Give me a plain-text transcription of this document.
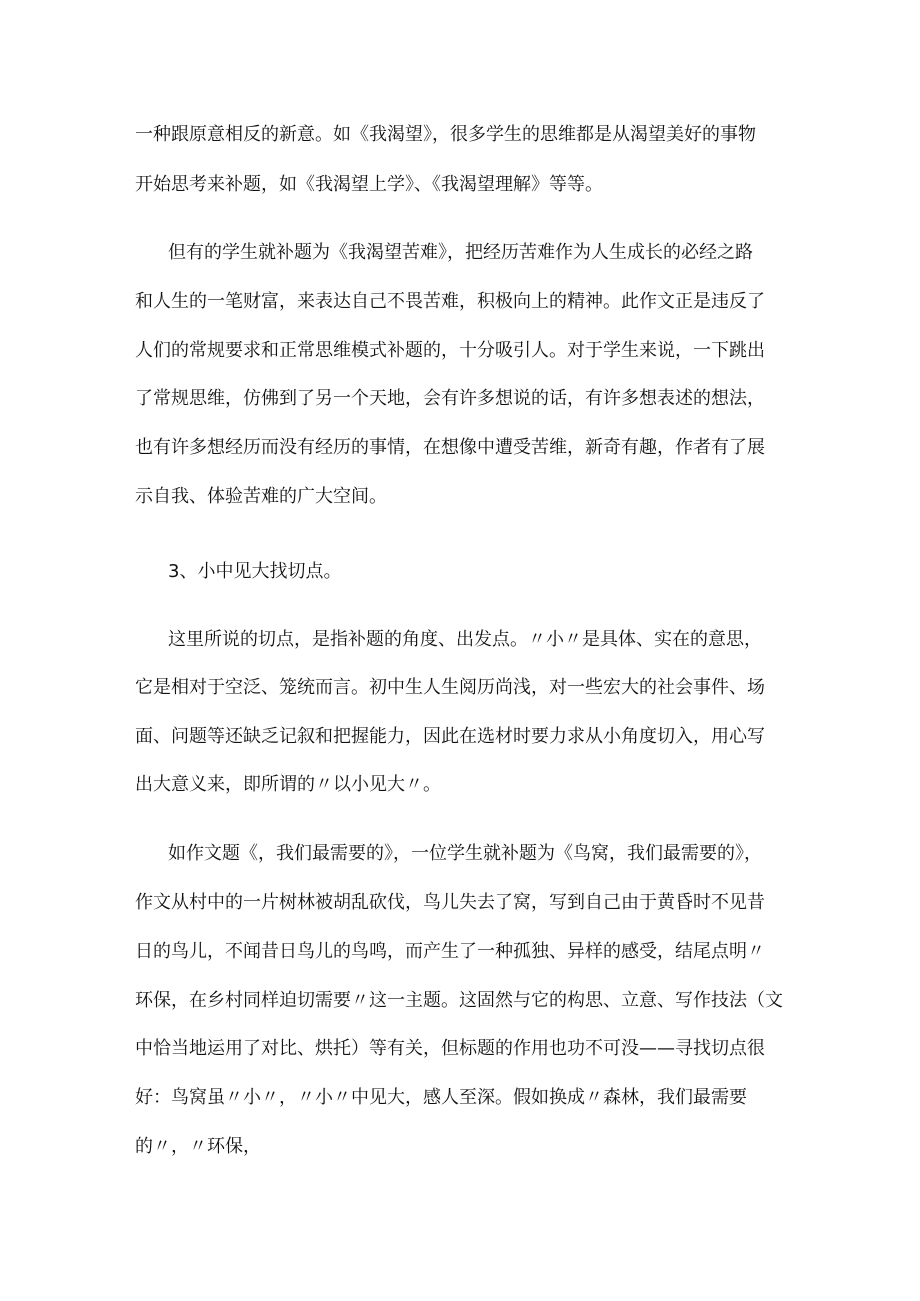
一种跟原意相反的新意。如《我渴望》，很多学生的思维都是从渴望美好的事物
开始思考来补题，如《我渴望上学》、《我渴望理解》等等。
但有的学生就补题为《我渴望苦难》，把经历苦难作为人生成长的必经之路
和人生的一笔财富，来表达自己不畏苦难，积极向上的精神。此作文正是违反了
人们的常规要求和正常思维模式补题的，十分吸引人。对于学生来说，一下跳出
了常规思维，仿佛到了另一个天地，会有许多想说的话，有许多想表述的想法，
也有许多想经历而没有经历的事情，在想像中遭受苦维，新奇有趣，作者有了展
示自我、体验苦难的广大空间。
3、小中见大找切点。
这里所说的切点，是指补题的角度、出发点。〃小〃是具体、实在的意思，
它是相对于空泛、笼统而言。初中生人生阅历尚浅，对一些宏大的社会事件、场
面、问题等还缺乏记叙和把握能力，因此在选材时要力求从小角度切入，用心写
出大意义来，即所谓的〃以小见大〃。
如作文题《，我们最需要的》，一位学生就补题为《鸟窝，我们最需要的》，
作文从村中的一片树林被胡乱砍伐，鸟儿失去了窝，写到自己由于黄昏时不见昔
日的鸟儿，不闻昔日鸟儿的鸟鸣，而产生了一种孤独、异样的感受，结尾点明〃
环保，在乡村同样迫切需要〃这一主题。这固然与它的构思、立意、写作技法（文
中恰当地运用了对比、烘托）等有关，但标题的作用也功不可没——寻找切点很
好：鸟窝虽〃小〃，〃小〃中见大，感人至深。假如换成〃森林，我们最需要
的〃，〃环保，
